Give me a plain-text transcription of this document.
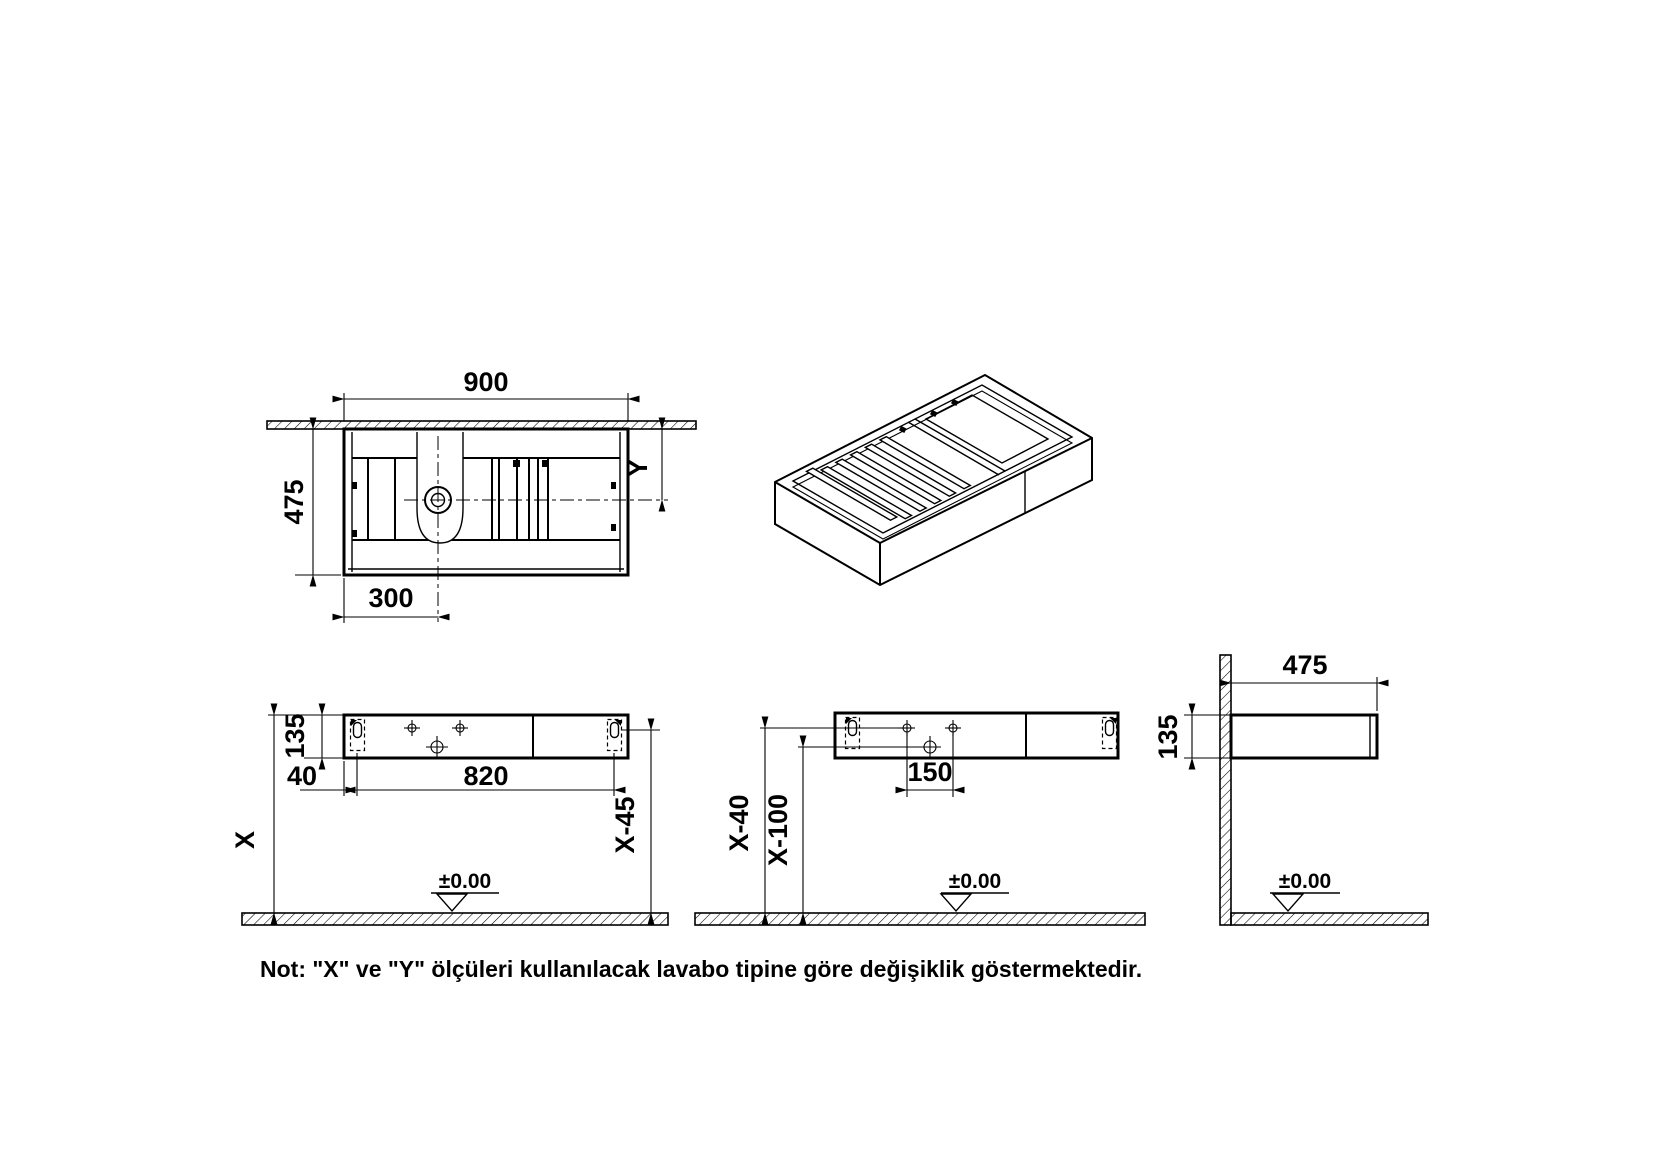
900
475
300
Y
135
40	820
X	X-45
±0.00
X-40 X-100
150
±0.00
475
135
±0.00
Not: "X" ve "Y" ölçüleri kullanılacak lavabo tipine göre değişiklik göstermektedir.
